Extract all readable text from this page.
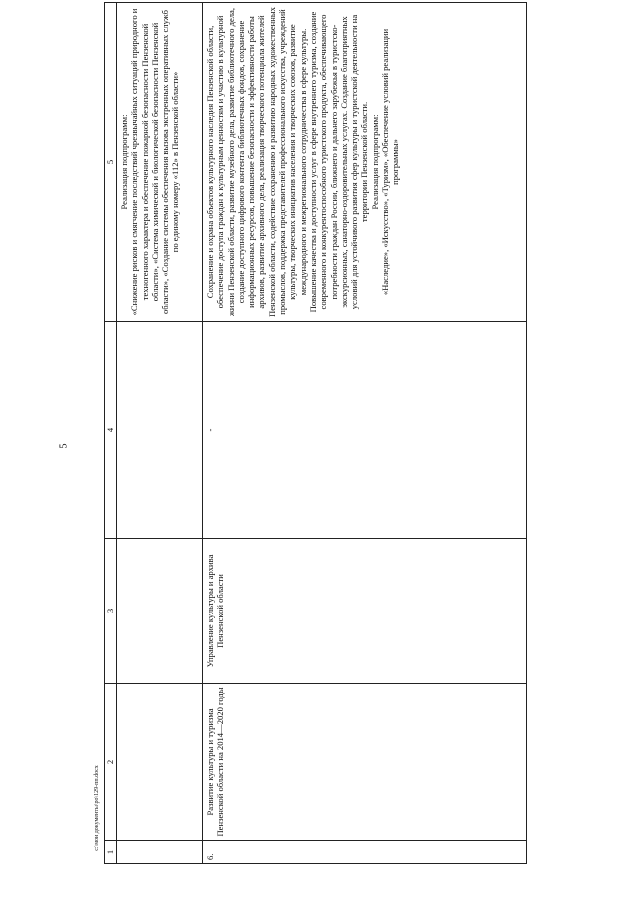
5
1	2	3	4	5

				Реализация подпрограмм: «Снижение рисков и смягчение последствий чрезвычайных ситуаций природного и техногенного характера и обеспечение пожарной безопасности Пензенской области», «Система химической и биологической безопасности Пензенской области», «Создание системы обеспечения вызова экстренных оперативных служб по единому номеру «112» в Пензенской области»

6.	Развитие культуры и туризма Пензенской области на 2014—2020 годы	Управление культуры и архива Пензенской области	-	Сохранение и охрана объектов культурного наследия Пензенской области, обеспечение доступа граждан к культурным ценностям и участию в культурной жизни Пензенской области, развитие музейного дела, развитие библиотечного дела, создание доступного цифрового контента библиотечных фондов, сохранение информационных ресурсов, повышение безопасности и эффективности работы архивов, развитие архивного дела, реализация творческого потенциала жителей Пензенской области, содействие сохранению и развитию народных художественных промыслов, поддержка представителей профессионального искусства, учреждений культуры, творческих инициатив населения и творческих союзов, развитие международного и межрегионального сотрудничества в сфере культуры. Повышение качества и доступности услуг в сфере внутреннего туризма, создание современного и конкурентоспособного туристского продукта, обеспечивающего потребности граждан России, ближнего и дальнего зарубежья в туристско-экскурсионных, санаторно-оздоровительных услугах. Создание благоприятных условий для устойчивого развития сфер культуры и туристской деятельности на территории Пензенской области. Реализация подпрограмм: «Наследие», «Искусство», «Туризм», «Обеспечение условий реализации программы»
c:\мои документы\ро\129-пп.docx
